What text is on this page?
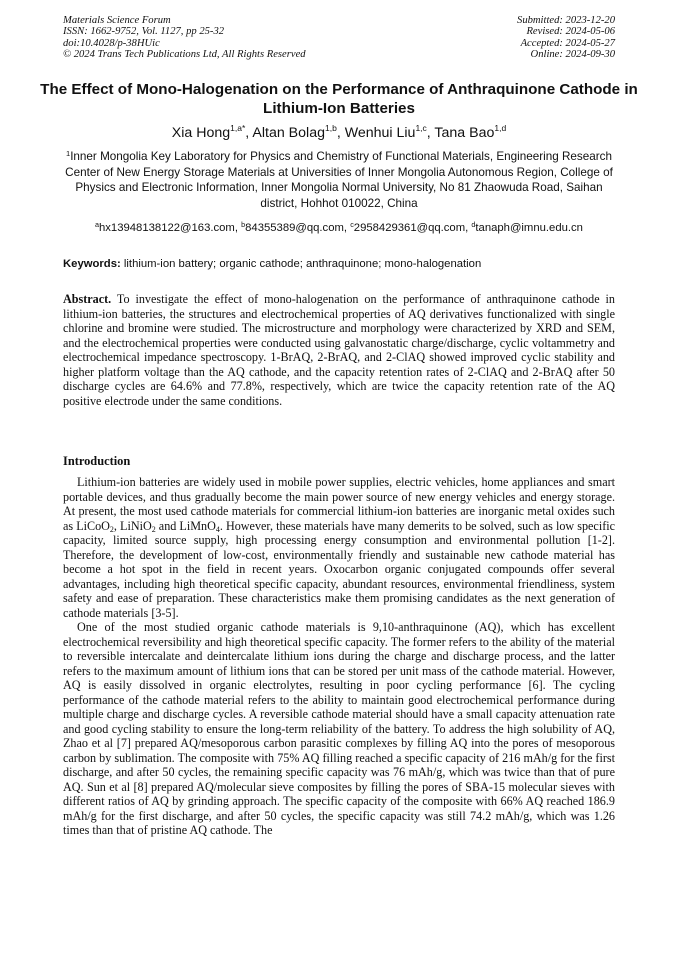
Materials Science Forum
ISSN: 1662-9752, Vol. 1127, pp 25-32
doi:10.4028/p-38HUic
© 2024 Trans Tech Publications Ltd, All Rights Reserved
Submitted: 2023-12-20
Revised: 2024-05-06
Accepted: 2024-05-27
Online: 2024-09-30
The Effect of Mono-Halogenation on the Performance of Anthraquinone Cathode in Lithium-Ion Batteries
Xia Hong$^{1,a*}$, Altan Bolag$^{1,b}$, Wenhui Liu$^{1,c}$, Tana Bao$^{1,d}$
$^1$Inner Mongolia Key Laboratory for Physics and Chemistry of Functional Materials, Engineering Research Center of New Energy Storage Materials at Universities of Inner Mongolia Autonomous Region, College of Physics and Electronic Information, Inner Mongolia Normal University, No 81 Zhaowuda Road, Saihan district, Hohhot 010022, China
$^a$hx13948138122@163.com, $^b$84355389@qq.com, $^c$2958429361@qq.com, $^d$tanaph@imnu.edu.cn
Keywords: lithium-ion battery; organic cathode; anthraquinone; mono-halogenation
Abstract. To investigate the effect of mono-halogenation on the performance of anthraquinone cathode in lithium-ion batteries, the structures and electrochemical properties of AQ derivatives functionalized with single chlorine and bromine were studied. The microstructure and morphology were characterized by XRD and SEM, and the electrochemical properties were conducted using galvanostatic charge/discharge, cyclic voltammetry and electrochemical impedance spectroscopy. 1-BrAQ, 2-BrAQ, and 2-ClAQ showed improved cyclic stability and higher platform voltage than the AQ cathode, and the capacity retention rates of 2-ClAQ and 2-BrAQ after 50 discharge cycles are 64.6% and 77.8%, respectively, which are twice the capacity retention rate of the AQ positive electrode under the same conditions.
Introduction

Lithium-ion batteries are widely used in mobile power supplies, electric vehicles, home appliances and smart portable devices, and thus gradually become the main power source of new energy vehicles and energy storage. At present, the most used cathode materials for commercial lithium-ion batteries are inorganic metal oxides such as LiCoO$_2$, LiNiO$_2$ and LiMnO$_4$. However, these materials have many demerits to be solved, such as low specific capacity, limited source supply, high processing energy consumption and environmental pollution [1-2]. Therefore, the development of low-cost, environmentally friendly and sustainable new cathode material has become a hot spot in the field in recent years. Oxocarbon organic conjugated compounds offer several advantages, including high theoretical specific capacity, abundant resources, environmental friendliness, system safety and ease of preparation. These characteristics make them promising candidates as the next generation of cathode materials [3-5].

One of the most studied organic cathode materials is 9,10-anthraquinone (AQ), which has excellent electrochemical reversibility and high theoretical specific capacity. The former refers to the ability of the material to reversible intercalate and deintercalate lithium ions during the charge and discharge process, and the latter refers to the maximum amount of lithium ions that can be stored per unit mass of the cathode material. However, AQ is easily dissolved in organic electrolytes, resulting in poor cycling performance [6]. The cycling performance of the cathode material refers to the ability to maintain good electrochemical performance during multiple charge and discharge cycles. A reversible cathode material should have a small capacity attenuation rate and good cycling stability to ensure the long-term reliability of the battery. To address the high solubility of AQ, Zhao et al [7] prepared AQ/mesoporous carbon parasitic complexes by filling AQ into the pores of mesoporous carbon by sublimation. The composite with 75% AQ filling reached a specific capacity of 216 mAh/g for the first discharge, and after 50 cycles, the remaining specific capacity was 76 mAh/g, which was twice than that of pure AQ. Sun et al [8] prepared AQ/molecular sieve composites by filling the pores of SBA-15 molecular sieves with different ratios of AQ by grinding approach. The specific capacity of the composite with 66% AQ reached 186.9 mAh/g for the first discharge, and after 50 cycles, the specific capacity was still 74.2 mAh/g, which was 1.26 times than that of pristine AQ cathode. The
